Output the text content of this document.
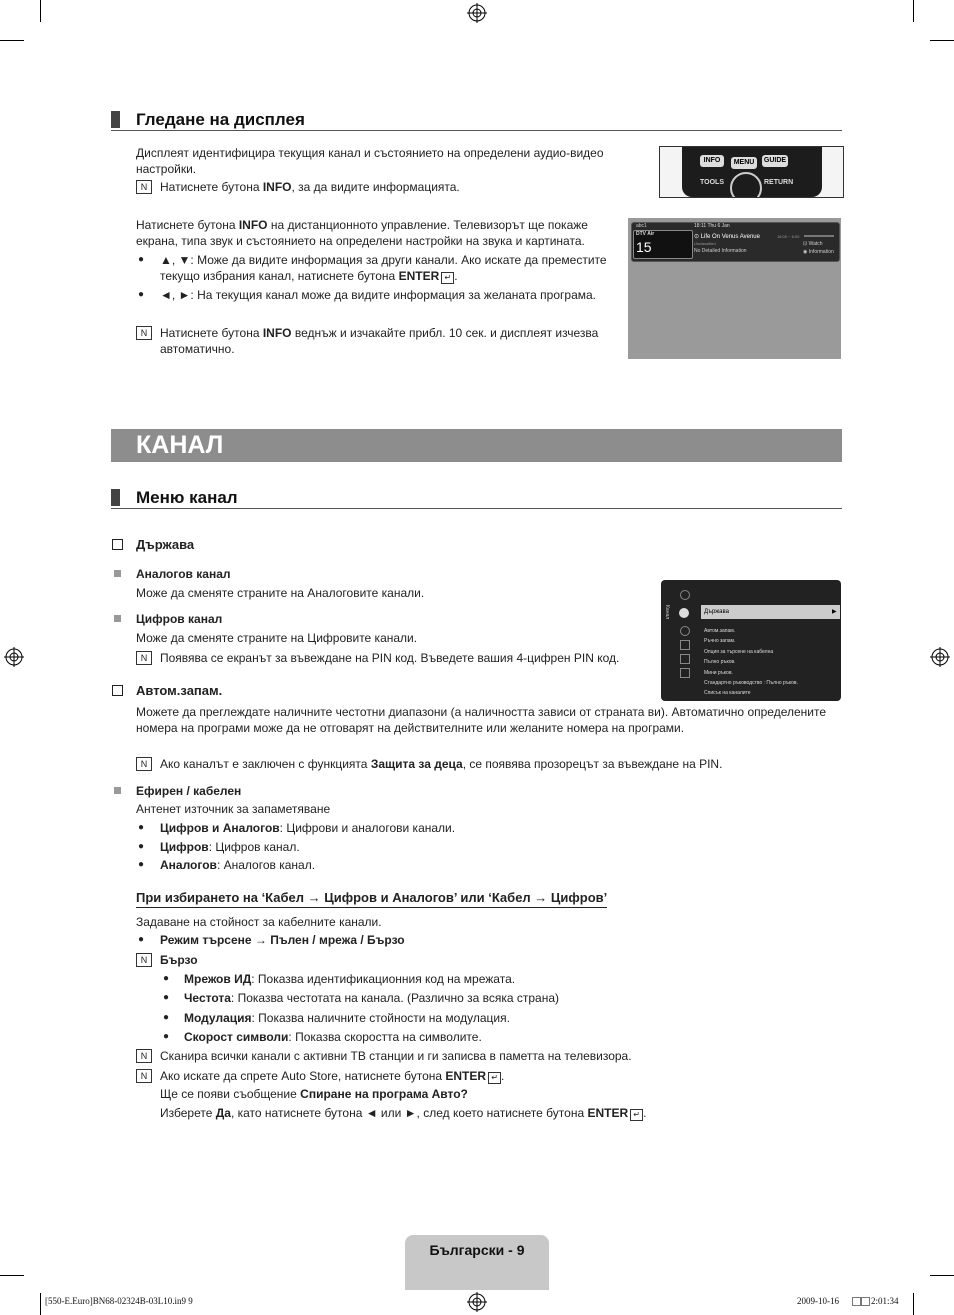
Гледане на дисплея
Дисплеят идентифицира текущия канал и състоянието на определени аудио-видео настройки.
N	Натиснете бутона INFO, за да видите информацията.
INFO	MENU	GUIDE
TOOLS	RETURN
Натиснете бутона INFO на дистанционното управление. Телевизорът ще покаже екрана, типа звук и състоянието на определени настройки на звука и картината.
● ▲, ▼: Може да видите информация за други канали. Ако искате да преместите текущо избрания канал, натиснете бутона ENTER ↵ .
● ◄, ►: На текущия канал може да видите информация за желаната програма.
N	Натиснете бутона INFO веднъж и изчакайте прибл. 10 сек. и дисплеят изчезва автоматично.
abc1
DTV Air
15
18:11 Thu 6 Jan
⊙ Life On Venus Avenue
Unclassified
No Detailed Information
18:00 ~ 6:00
⊡ Watch
◉ Information
КАНАЛ
Меню канал
Държава
Аналогов канал
Може да сменяте страните на Аналоговите канали.
Цифров канал
Може да сменяте страните на Цифровите канали.
N	Появява се екранът за въвеждане на PIN код. Въведете вашия 4-цифрен PIN код.
Канал	Държава	▶
Автом.запам.
Ръчно запам.
Опция за търсене на кабелна
Пълно ръков.
Мини ръков.
Стандартно ръководство : Пълно ръков.
Списък на каналите
Автом.запам.
Можете да преглеждате наличните честотни диапазони (а наличността зависи от страната ви). Автоматично определените номера на програми може да не отговарят на действителните или желаните номера на програми.
N	Ако каналът е заключен с функцията Защита за деца, се появява прозорецът за въвеждане на PIN.
Ефирен / кабелен
Антенет източник за запаметяване
● Цифров и Аналогов: Цифрови и аналогови канали.
● Цифров: Цифров канал.
● Аналогов: Аналогов канал.
При избирането на ‘Кабел → Цифров и Аналогов’ или ‘Кабел → Цифров’
Задаване на стойност за кабелните канали.
● Режим търсене → Пълен / мрежа / Бързо
N	Бързо
● Мрежов ИД: Показва идентификационния код на мрежата.
● Честота: Показва честотата на канала. (Различно за всяка страна)
● Модулация: Показва наличните стойности на модулация.
● Скорост символи: Показва скоростта на символите.
N	Сканира всички канали с активни ТВ станции и ги записва в паметта на телевизора.
N	Ако искате да спрете Auto Store, натиснете бутона ENTER ↵ .
Ще се появи съобщение Спиране на програма Авто?
Изберете Да, като натиснете бутона ◄ или ►, след което натиснете бутона ENTER ↵ .
Български - 9
[550-E.Euro]BN68-02324B-03L10.in9 9	2009-10-16	2:01:34
